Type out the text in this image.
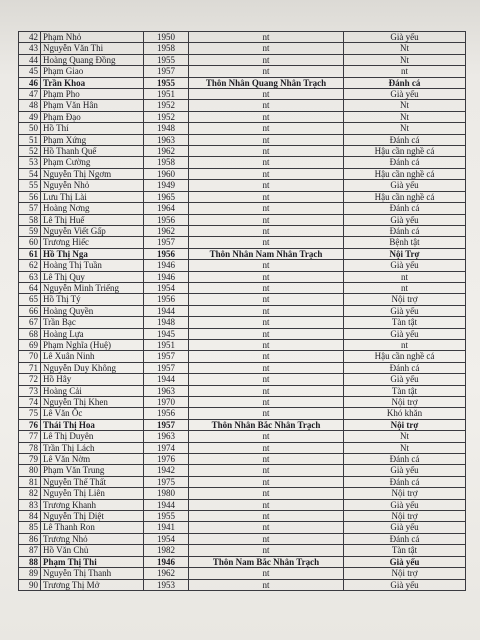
42	Phạm Nhỏ	1950	nt	Già yếu
43	Nguyễn Văn Thi	1958	nt	Nt
44	Hoàng Quang Đồng	1955	nt	Nt
45	Phạm Giao	1957	nt	nt
46	Trần Khoa	1955	Thôn Nhân Quang Nhân Trạch	Đánh cá
47	Phạm Pho	1951	nt	Già yếu
48	Phạm Văn Hân	1952	nt	Nt
49	Phạm Đạo	1952	nt	Nt
50	Hồ Thí	1948	nt	Nt
51	Phạm Xứng	1963	nt	Đánh cá
52	Hồ Thanh Quế	1962	nt	Hậu cần nghề cá
53	Phạm Cường	1958	nt	Đánh cá
54	Nguyễn Thị Ngơm	1960	nt	Hậu cần nghề cá
55	Nguyễn Nhỏ	1949	nt	Già yếu
56	Lưu Thị Lài	1965	nt	Hậu cần nghề cá
57	Hoàng Nơng	1964	nt	Đánh cá
58	Lê Thị Huế	1956	nt	Già yếu
59	Nguyễn Viết Gấp	1962	nt	Đánh cá
60	Trương Hiếc	1957	nt	Bệnh tật
61	Hồ Thị Nga	1956	Thôn Nhân Nam Nhân Trạch	Nội Trợ
62	Hoàng Thị Tuần	1946	nt	Già yếu
63	Lê Thị Quy	1946	nt	nt
64	Nguyễn Minh Triếng	1954	nt	nt
65	Hồ Thị Tý	1956	nt	Nội trợ
66	Hoàng Quyền	1944	nt	Già yếu
67	Trần Bạc	1948	nt	Tàn tật
68	Hoàng Lựa	1945	nt	Già yếu
69	Phạm Nghĩa (Huệ)	1951	nt	nt
70	Lê Xuân Ninh	1957	nt	Hậu cần nghề cá
71	Nguyễn Duy Không	1957	nt	Đánh cá
72	Hồ Hây	1944	nt	Già yếu
73	Hoàng Cải	1963	nt	Tàn tật
74	Nguyễn Thị Khen	1970	nt	Nội trợ
75	Lê Văn Ốc	1956	nt	Khó khăn
76	Thái Thị Hoa	1957	Thôn Nhân Bắc Nhân Trạch	Nội trợ
77	Lê Thị Duyên	1963	nt	Nt
78	Trần Thị Lách	1974	nt	Nt
79	Lê Văn Nờm	1976	nt	Đánh cá
80	Phạm Văn Trung	1942	nt	Già yếu
81	Nguyễn Thế Thất	1975	nt	Đánh cá
82	Nguyễn Thị Liên	1980	nt	Nội trợ
83	Trương Khanh	1944	nt	Già yếu
84	Nguyễn Thị Diệt	1955	nt	Nội trợ
85	Lê Thanh Ron	1941	nt	Già yếu
86	Trương Nhỏ	1954	nt	Đánh cá
87	Hồ Văn Chủ	1982	nt	Tàn tật
88	Phạm Thị Thi	1946	Thôn Nam Bắc Nhân Trạch	Già yếu
89	Nguyễn Thị Thanh	1962	nt	Nội trợ
90	Trương Thị Mở	1953	nt	Già yếu
